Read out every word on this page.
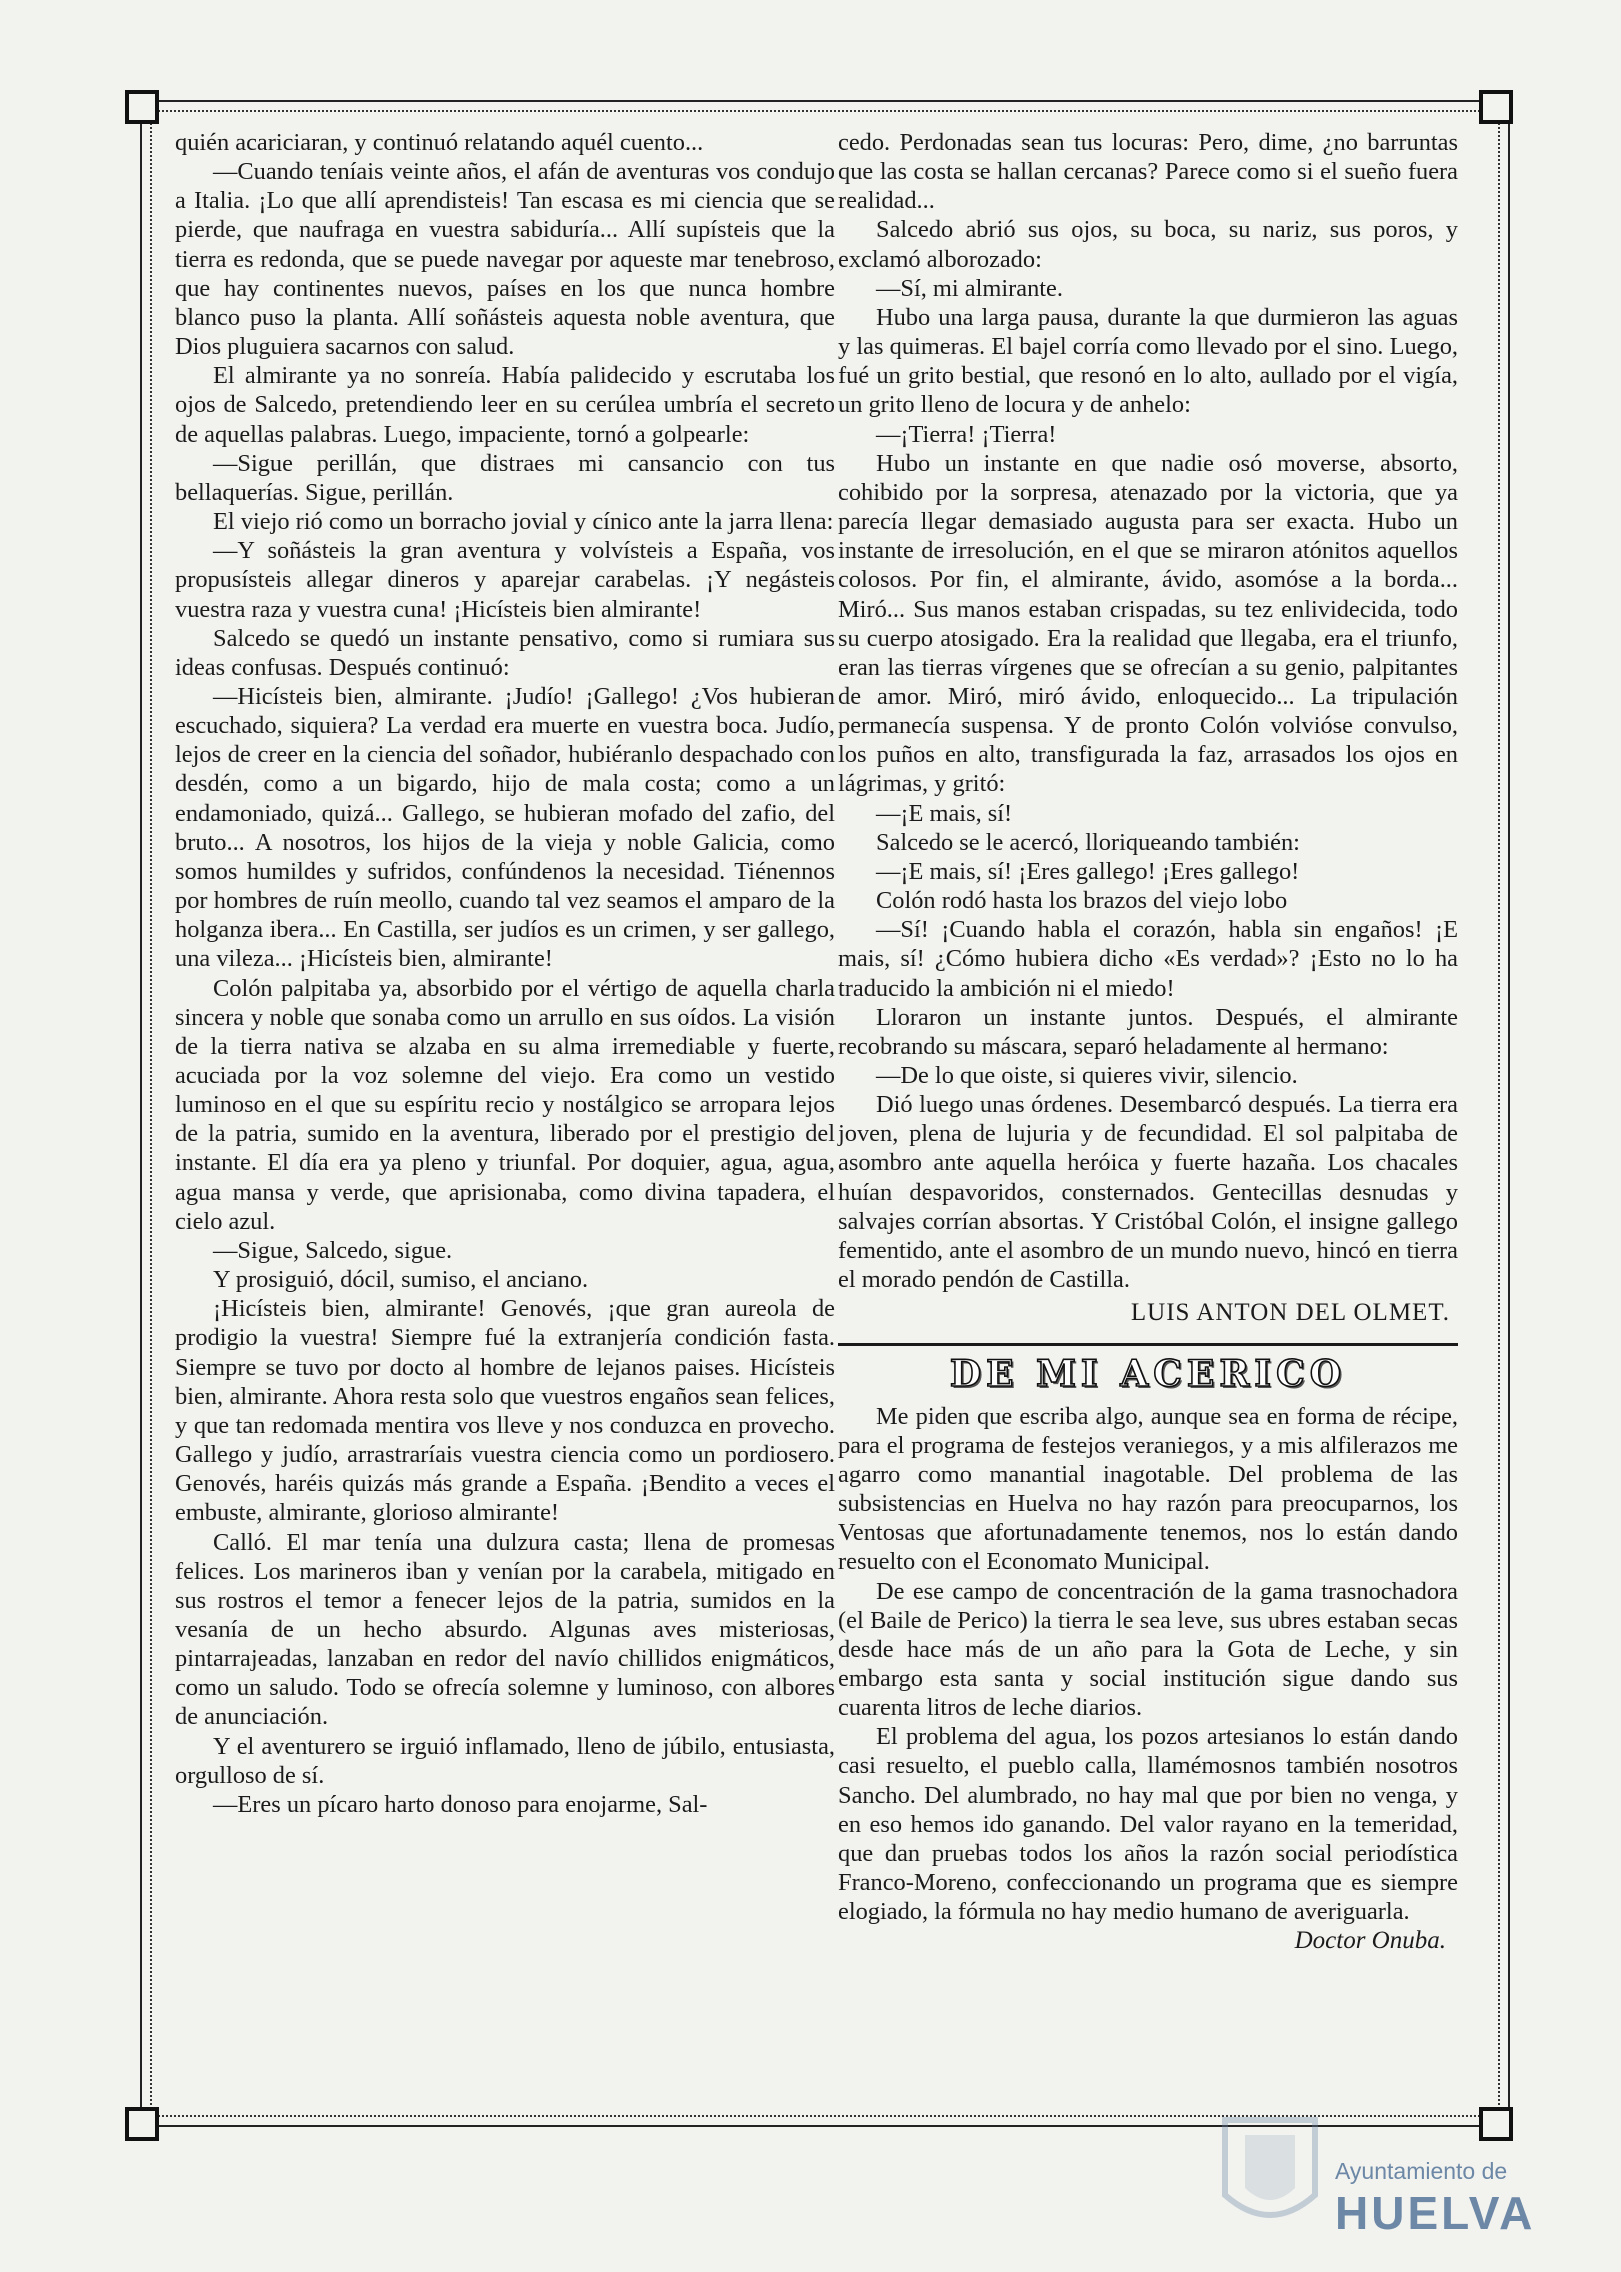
quién acariciaran, y continuó relatando aquél cuento...

—Cuando teníais veinte años, el afán de aventuras vos condujo a Italia. ¡Lo que allí aprendisteis! Tan escasa es mi ciencia que se pierde, que naufraga en vuestra sabiduría... Allí supísteis que la tierra es redonda, que se puede navegar por aqueste mar tenebroso, que hay continentes nuevos, países en los que nunca hombre blanco puso la planta. Allí soñásteis aquesta noble aventura, que Dios pluguiera sacarnos con salud.

El almirante ya no sonreía. Había palidecido y escrutaba los ojos de Salcedo, pretendiendo leer en su cerúlea umbría el secreto de aquellas palabras. Luego, impaciente, tornó a golpearle:

—Sigue perillán, que distraes mi cansancio con tus bellaquerías. Sigue, perillán.

El viejo rió como un borracho jovial y cínico ante la jarra llena:

—Y soñásteis la gran aventura y volvísteis a España, vos propusísteis allegar dineros y aparejar carabelas. ¡Y negásteis vuestra raza y vuestra cuna! ¡Hicísteis bien almirante!

Salcedo se quedó un instante pensativo, como si rumiara sus ideas confusas. Después continuó:

—Hicísteis bien, almirante. ¡Judío! ¡Gallego! ¿Vos hubieran escuchado, siquiera? La verdad era muerte en vuestra boca. Judío, lejos de creer en la ciencia del soñador, hubiéranlo despachado con desdén, como a un bigardo, hijo de mala costa; como a un endamoniado, quizá... Gallego, se hubieran mofado del zafio, del bruto... A nosotros, los hijos de la vieja y noble Galicia, como somos humildes y sufridos, confúndenos la necesidad. Tiénennos por hombres de ruín meollo, cuando tal vez seamos el amparo de la holganza ibera... En Castilla, ser judíos es un crimen, y ser gallego, una vileza... ¡Hicísteis bien, almirante!

Colón palpitaba ya, absorbido por el vértigo de aquella charla sincera y noble que sonaba como un arrullo en sus oídos. La visión de la tierra nativa se alzaba en su alma irremediable y fuerte, acuciada por la voz solemne del viejo. Era como un vestido luminoso en el que su espíritu recio y nostálgico se arropara lejos de la patria, sumido en la aventura, liberado por el prestigio del instante. El día era ya pleno y triunfal. Por doquier, agua, agua, agua mansa y verde, que aprisionaba, como divina tapadera, el cielo azul.

—Sigue, Salcedo, sigue.

Y prosiguió, dócil, sumiso, el anciano.

¡Hicísteis bien, almirante! Genovés, ¡que gran aureola de prodigio la vuestra! Siempre fué la extranjería condición fasta. Siempre se tuvo por docto al hombre de lejanos paises. Hicísteis bien, almirante. Ahora resta solo que vuestros engaños sean felices, y que tan redomada mentira vos lleve y nos conduzca en provecho. Gallego y judío, arrastraríais vuestra ciencia como un pordiosero. Genovés, haréis quizás más grande a España. ¡Bendito a veces el embuste, almirante, glorioso almirante!

Calló. El mar tenía una dulzura casta; llena de promesas felices. Los marineros iban y venían por la carabela, mitigado en sus rostros el temor a fenecer lejos de la patria, sumidos en la vesanía de un hecho absurdo. Algunas aves misteriosas, pintarrajeadas, lanzaban en redor del navío chillidos enigmáticos, como un saludo. Todo se ofrecía solemne y luminoso, con albores de anunciación.

Y el aventurero se irguió inflamado, lleno de júbilo, entusiasta, orgulloso de sí.

—Eres un pícaro harto donoso para enojarme, Sal-

cedo. Perdonadas sean tus locuras: Pero, dime, ¿no barruntas que las costa se hallan cercanas? Parece como si el sueño fuera realidad...

Salcedo abrió sus ojos, su boca, su nariz, sus poros, y exclamó alborozado:

—Sí, mi almirante.

Hubo una larga pausa, durante la que durmieron las aguas y las quimeras. El bajel corría como llevado por el sino. Luego, fué un grito bestial, que resonó en lo alto, aullado por el vigía, un grito lleno de locura y de anhelo:

—¡Tierra! ¡Tierra!

Hubo un instante en que nadie osó moverse, absorto, cohibido por la sorpresa, atenazado por la victoria, que ya parecía llegar demasiado augusta para ser exacta. Hubo un instante de irresolución, en el que se miraron atónitos aquellos colosos. Por fin, el almirante, ávido, asomóse a la borda... Miró... Sus manos estaban crispadas, su tez enlividecida, todo su cuerpo atosigado. Era la realidad que llegaba, era el triunfo, eran las tierras vírgenes que se ofrecían a su genio, palpitantes de amor. Miró, miró ávido, enloquecido... La tripulación permanecía suspensa. Y de pronto Colón volvióse convulso, los puños en alto, transfigurada la faz, arrasados los ojos en lágrimas, y gritó:

—¡E mais, sí!

Salcedo se le acercó, lloriqueando también:

—¡E mais, sí! ¡Eres gallego! ¡Eres gallego!

Colón rodó hasta los brazos del viejo lobo

—Sí! ¡Cuando habla el corazón, habla sin engaños! ¡E mais, sí! ¿Cómo hubiera dicho «Es verdad»? ¡Esto no lo ha traducido la ambición ni el miedo!

Lloraron un instante juntos. Después, el almirante recobrando su máscara, separó heladamente al hermano:

—De lo que oiste, si quieres vivir, silencio.

Dió luego unas órdenes. Desembarcó después. La tierra era joven, plena de lujuria y de fecundidad. El sol palpitaba de asombro ante aquella heróica y fuerte hazaña. Los chacales huían despavoridos, consternados. Gentecillas desnudas y salvajes corrían absortas. Y Cristóbal Colón, el insigne gallego fementido, ante el asombro de un mundo nuevo, hincó en tierra el morado pendón de Castilla.

LUIS ANTON DEL OLMET.
DE MI ACERICO

Me piden que escriba algo, aunque sea en forma de récipe, para el programa de festejos veraniegos, y a mis alfilerazos me agarro como manantial inagotable. Del problema de las subsistencias en Huelva no hay razón para preocuparnos, los Ventosas que afortunadamente tenemos, nos lo están dando resuelto con el Economato Municipal.

De ese campo de concentración de la gama trasnochadora (el Baile de Perico) la tierra le sea leve, sus ubres estaban secas desde hace más de un año para la Gota de Leche, y sin embargo esta santa y social institución sigue dando sus cuarenta litros de leche diarios.

El problema del agua, los pozos artesianos lo están dando casi resuelto, el pueblo calla, llamémosnos también nosotros Sancho. Del alumbrado, no hay mal que por bien no venga, y en eso hemos ido ganando. Del valor rayano en la temeridad, que dan pruebas todos los años la razón social periodística Franco-Moreno, confeccionando un programa que es siempre elogiado, la fórmula no hay medio humano de averiguarla.

Doctor Onuba.
Ayuntamiento de
HUELVA
